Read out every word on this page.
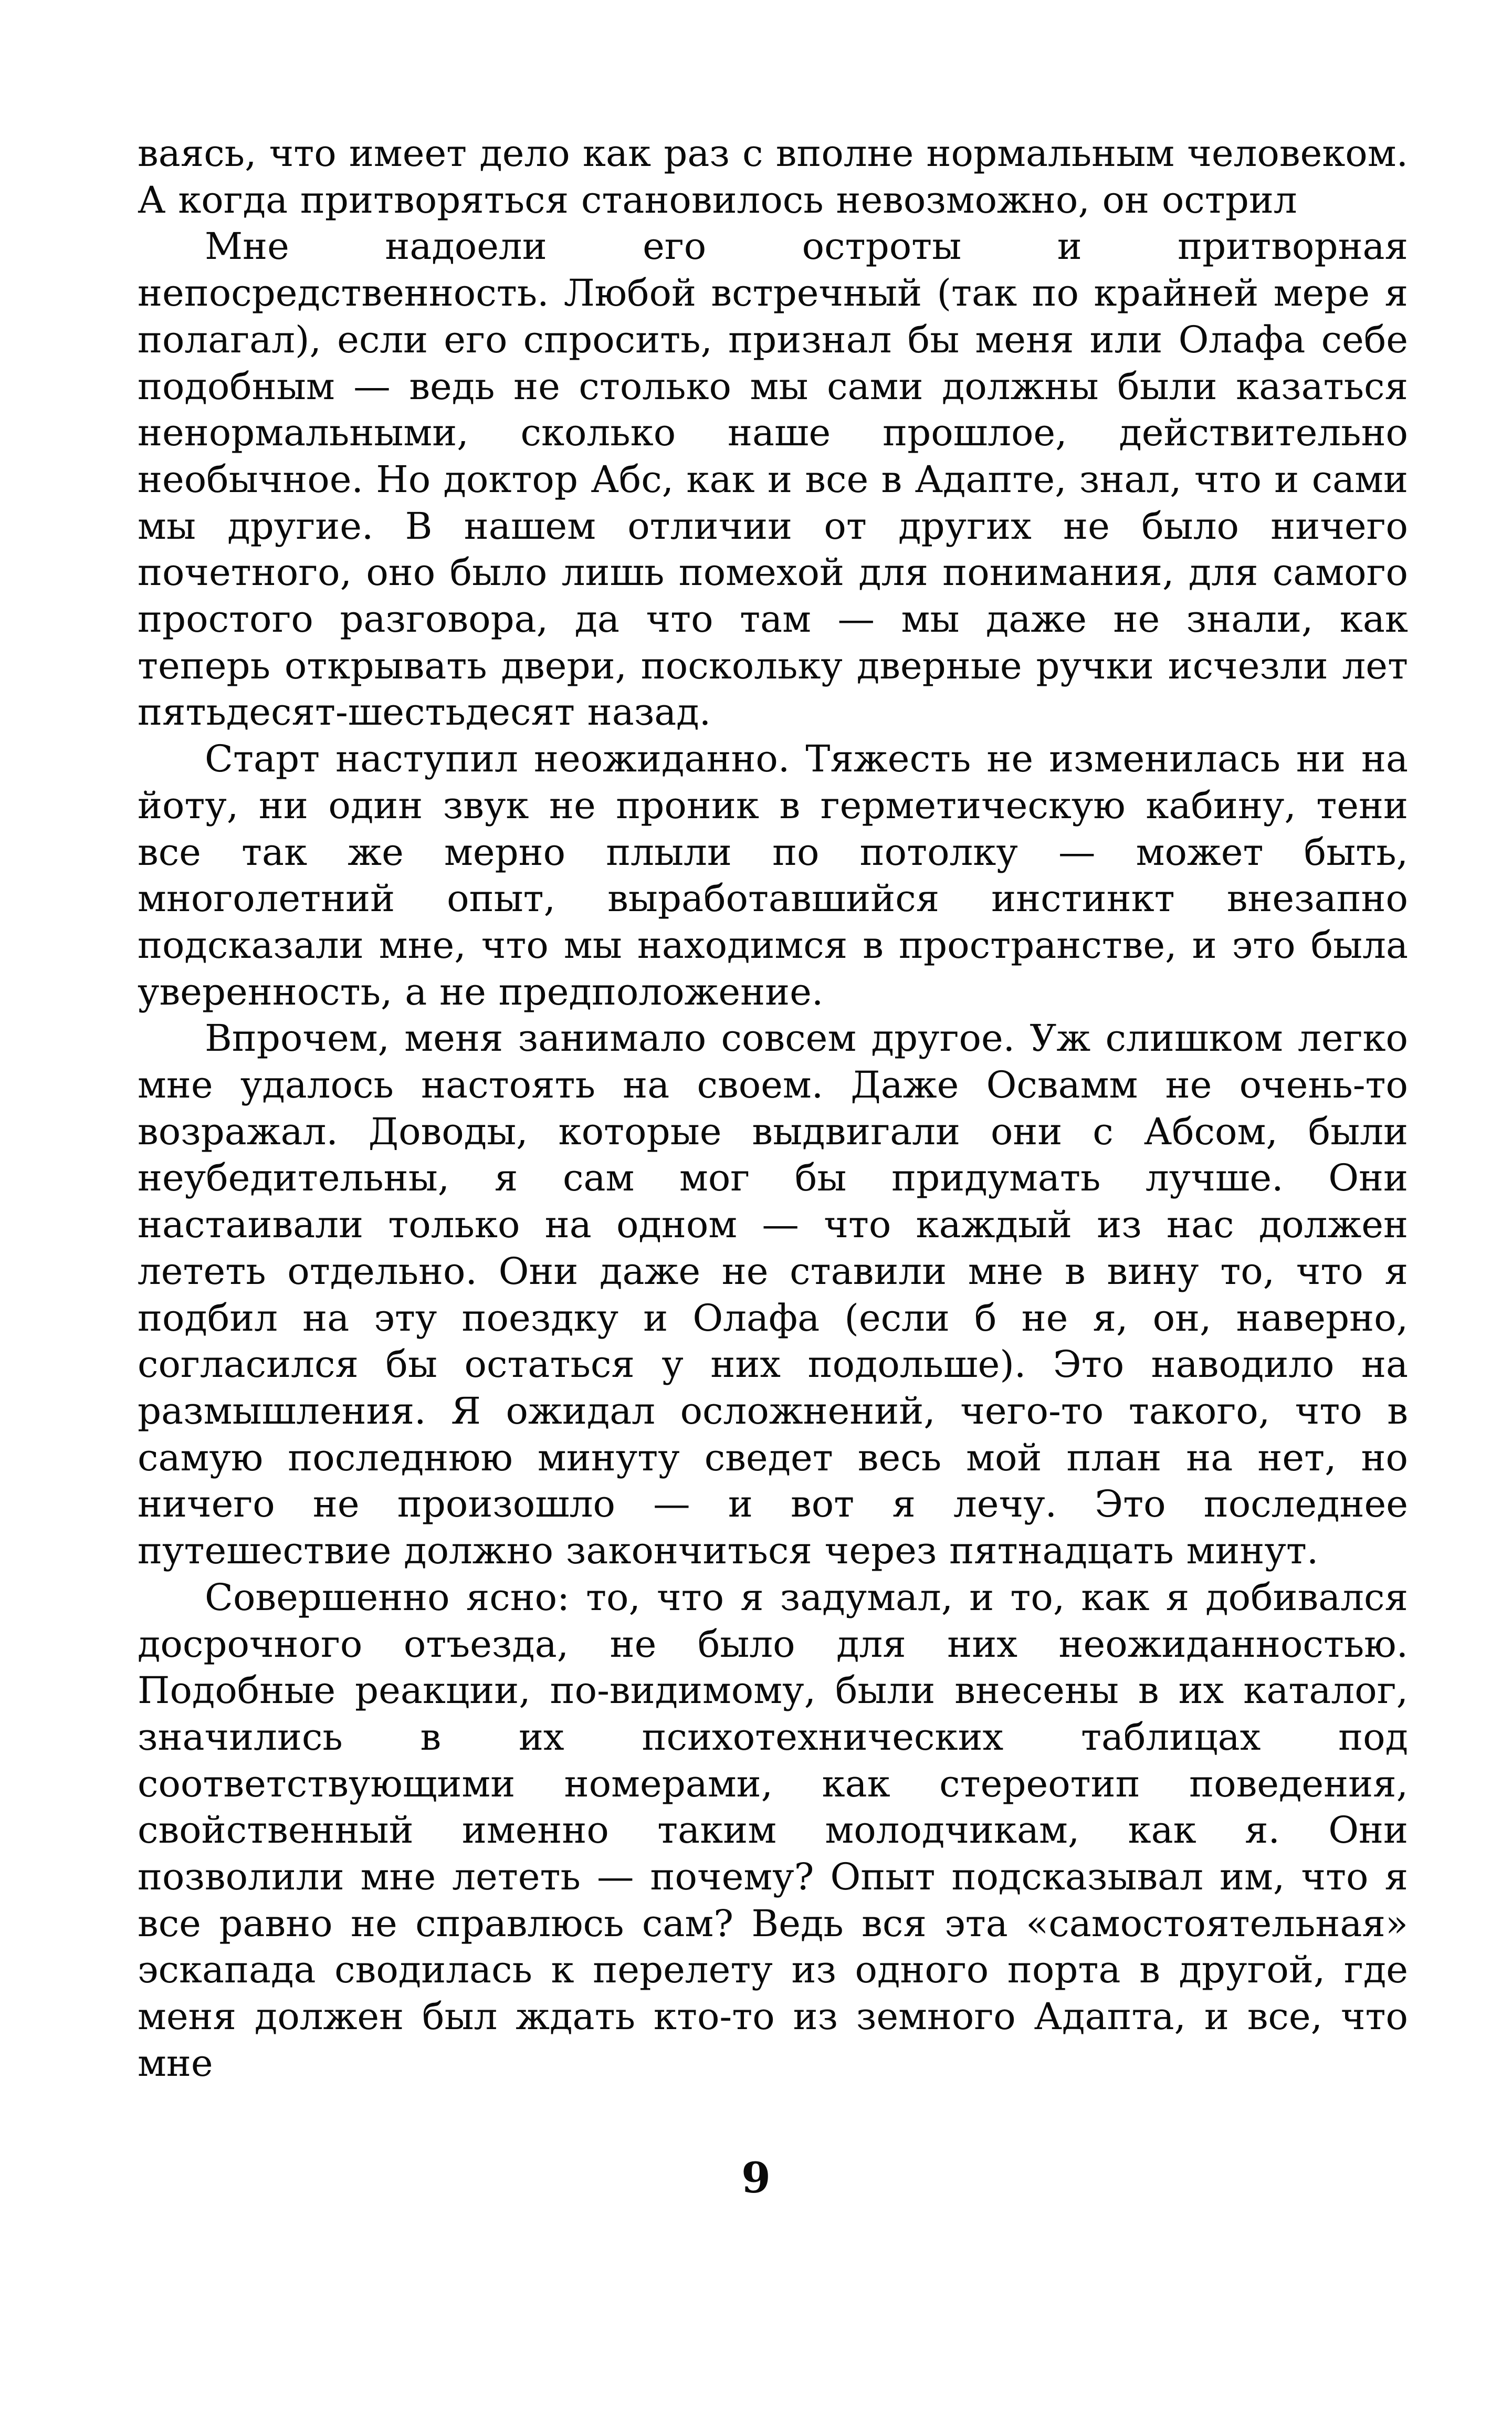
ваясь, что имеет дело как раз с вполне нормальным человеком. А когда притворяться становилось невозможно, он острил

Мне надоели его остроты и притворная непосредственность. Любой встречный (так по крайней мере я полагал), если его спросить, признал бы меня или Олафа себе подобным — ведь не столько мы сами должны были казаться ненормальными, сколько наше прошлое, действительно необычное. Но доктор Абс, как и все в Адапте, знал, что и сами мы другие. В нашем отличии от других не было ничего почетного, оно было лишь помехой для понимания, для самого простого разговора, да что там — мы даже не знали, как теперь открывать двери, поскольку дверные ручки исчезли лет пятьдесят-шестьдесят назад.

Старт наступил неожиданно. Тяжесть не изменилась ни на йоту, ни один звук не проник в герметическую кабину, тени все так же мерно плыли по потолку — может быть, многолетний опыт, выработавшийся инстинкт внезапно подсказали мне, что мы находимся в пространстве, и это была уверенность, а не предположение.

Впрочем, меня занимало совсем другое. Уж слишком легко мне удалось настоять на своем. Даже Освамм не очень-то возражал. Доводы, которые выдвигали они с Абсом, были неубедительны, я сам мог бы придумать лучше. Они настаивали только на одном — что каждый из нас должен лететь отдельно. Они даже не ставили мне в вину то, что я подбил на эту поездку и Олафа (если б не я, он, наверно, согласился бы остаться у них подольше). Это наводило на размышления. Я ожидал осложнений, чего-то такого, что в самую последнюю минуту сведет весь мой план на нет, но ничего не произошло — и вот я лечу. Это последнее путешествие должно закончиться через пятнадцать минут.

Совершенно ясно: то, что я задумал, и то, как я добивался досрочного отъезда, не было для них неожиданностью. Подобные реакции, по-видимому, были внесены в их каталог, значились в их психотехнических таблицах под соответствующими номерами, как стереотип поведения, свойственный именно таким молодчикам, как я. Они позволили мне лететь — почему? Опыт подсказывал им, что я все равно не справлюсь сам? Ведь вся эта «самостоятельная» эскапада сводилась к перелету из одного порта в другой, где меня должен был ждать кто-то из земного Адапта, и все, что мне

9
